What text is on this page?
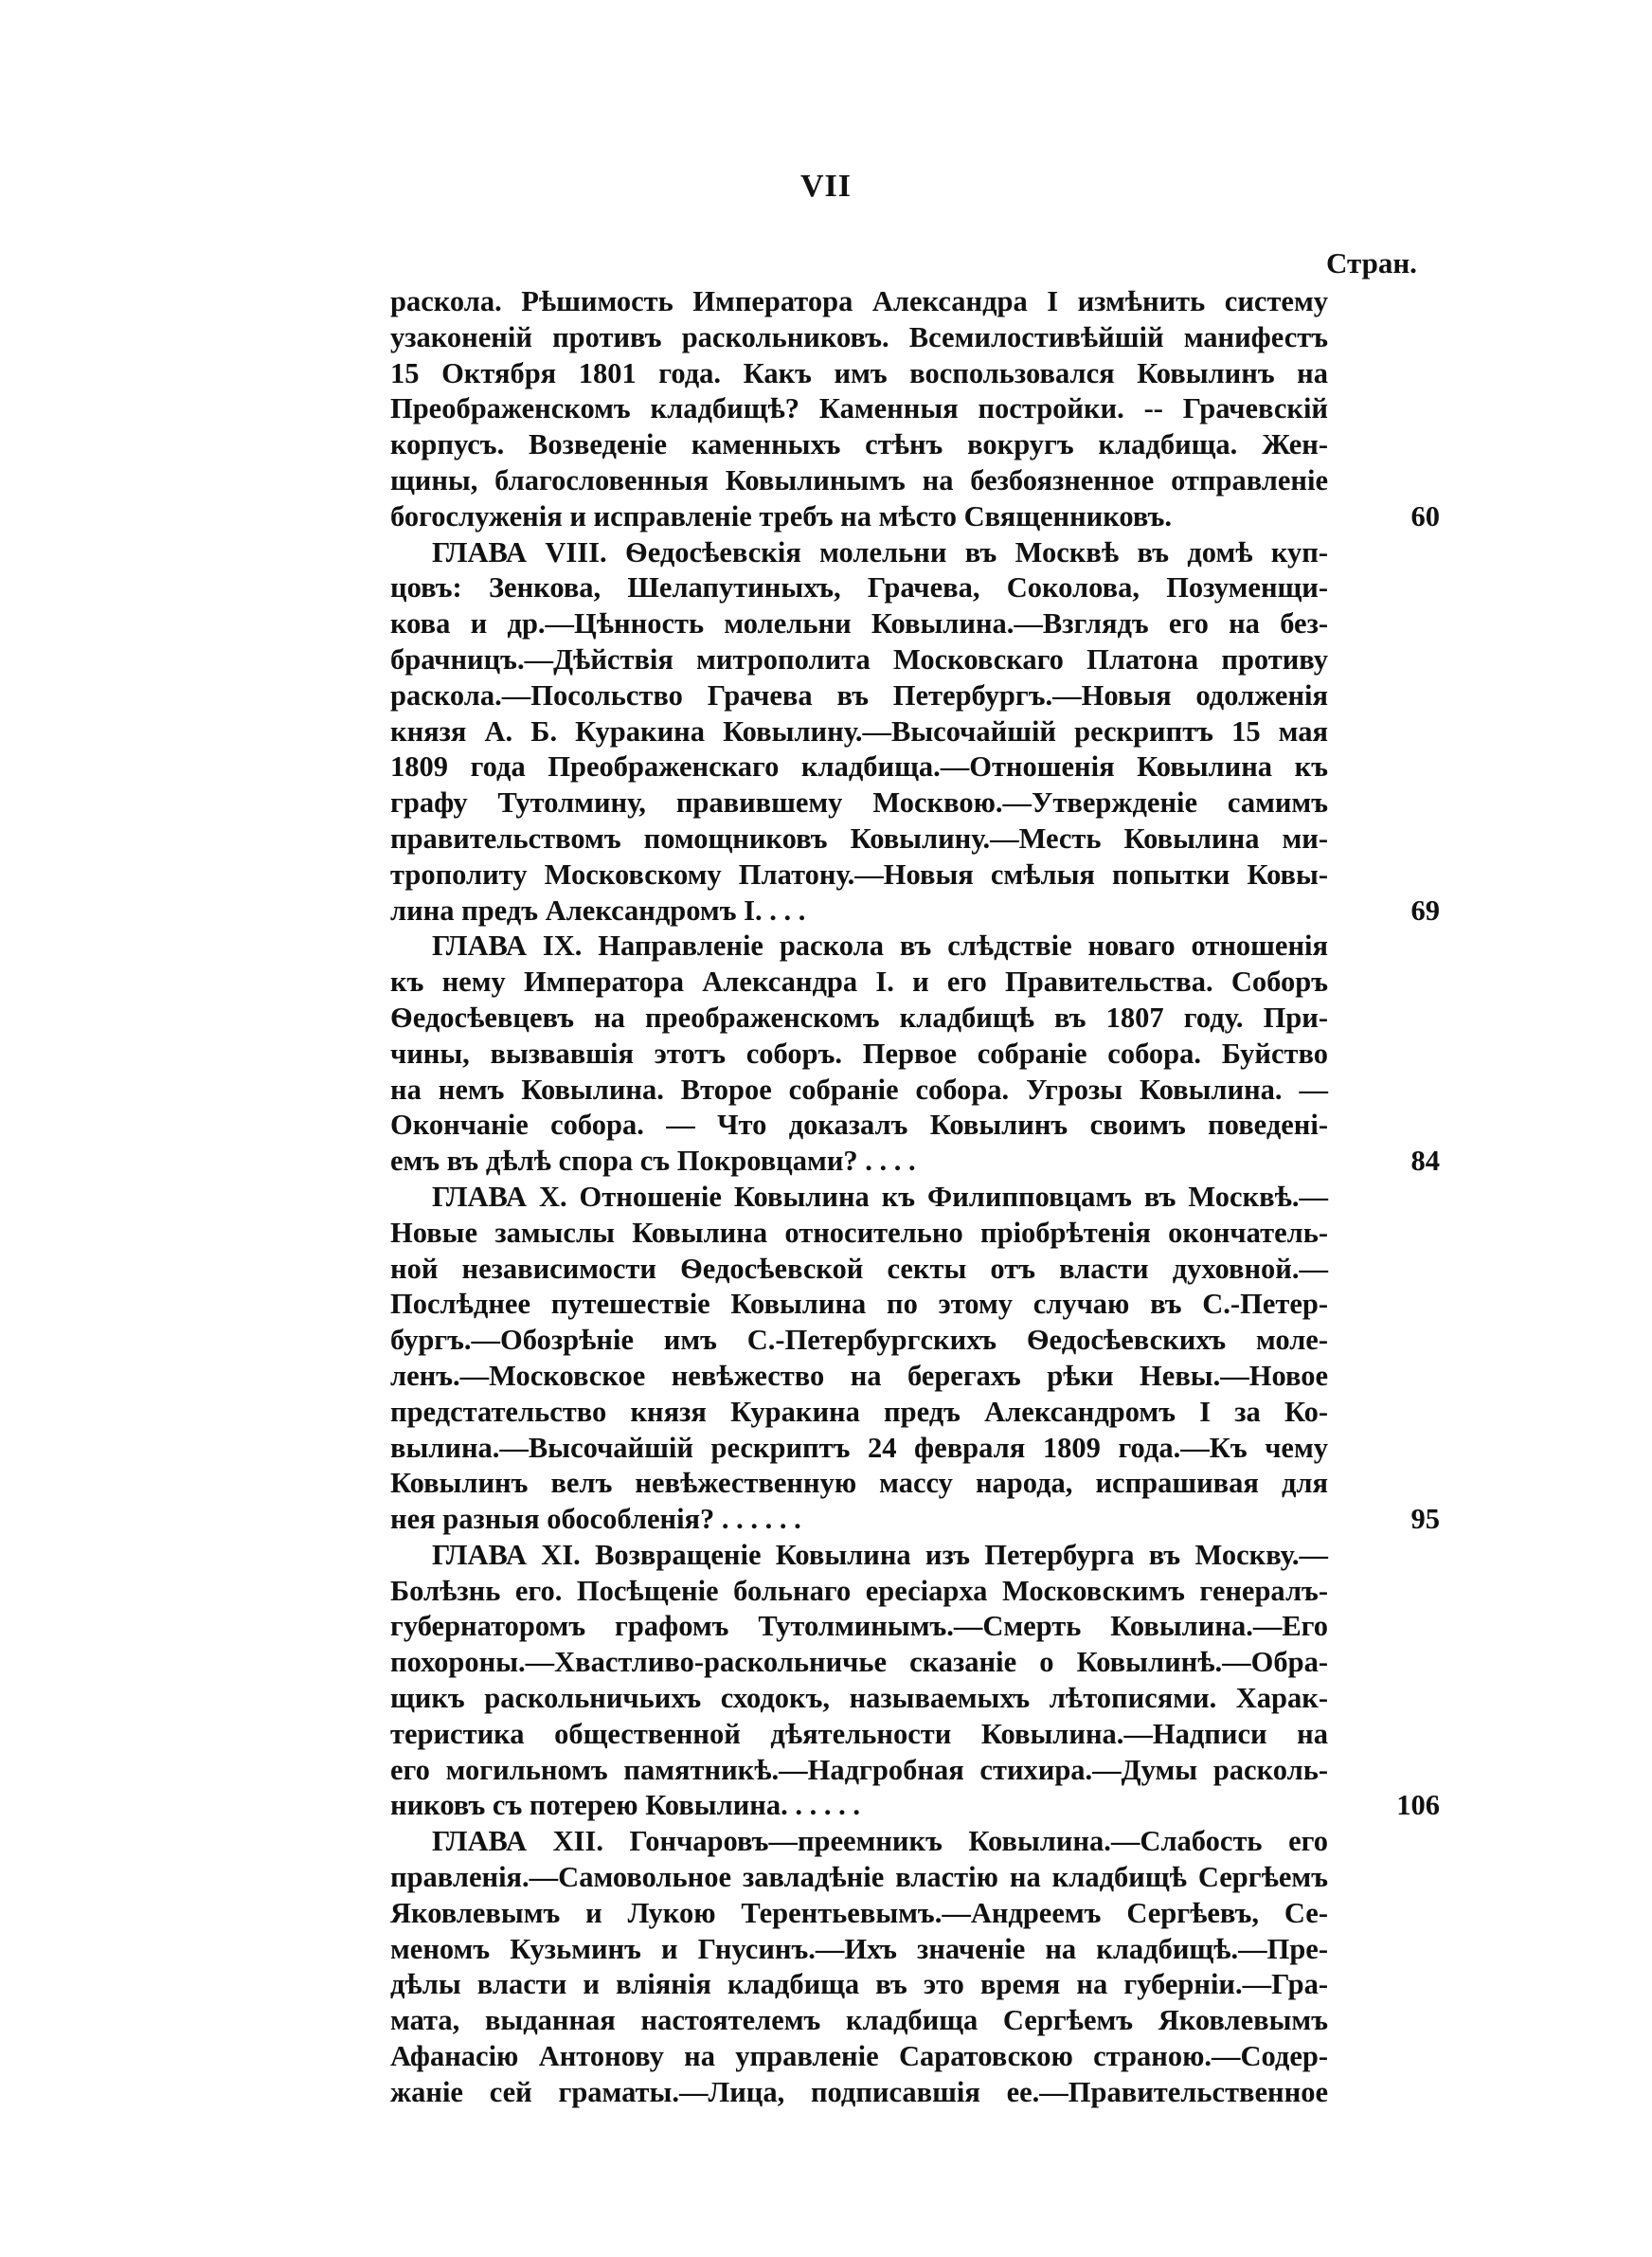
VII
Стран.
раскола. Рѣшимость Императора Александра I измѣнить систему
узаконеній противъ раскольниковъ. Всемилостивѣйшій манифестъ
15 Октября 1801 года. Какъ имъ воспользовался Ковылинъ на
Преображенскомъ кладбищѣ? Каменныя постройки. -- Грачевскій
корпусъ. Возведеніе каменныхъ стѣнъ вокругъ кладбища. Жен-
щины, благословенныя Ковылинымъ на безбоязненное отправленіе
богослуженія и исправленіе требъ на мѣсто Священниковъ.	60
ГЛАВА VIII. Ѳедосѣевскія молельни въ Москвѣ въ домѣ куп-
цовъ: Зенкова, Шелапутиныхъ, Грачева, Соколова, Позуменщи-
кова и др.—Цѣнность молельни Ковылина.—Взглядъ его на без-
брачницъ.—Дѣйствія митрополита Московскаго Платона противу
раскола.—Посольство Грачева въ Петербургъ.—Новыя одолженія
князя А. Б. Куракина Ковылину.—Высочайшій рескриптъ 15 мая
1809 года Преображенскаго кладбища.—Отношенія Ковылина къ
графу Тутолмину, правившему Москвою.—Утвержденіе самимъ
правительствомъ помощниковъ Ковылину.—Месть Ковылина ми-
трополиту Московскому Платону.—Новыя смѣлыя попытки Ковы-
лина предъ Александромъ I. . . .	69
ГЛАВА IX. Направленіе раскола въ слѣдствіе новаго отношенія
къ нему Императора Александра I. и его Правительства. Соборъ
Ѳедосѣевцевъ на преображенскомъ кладбищѣ въ 1807 году. При-
чины, вызвавшія этотъ соборъ. Первое собраніе собора. Буйство
на немъ Ковылина. Второе собраніе собора. Угрозы Ковылина. —
Окончаніе собора. — Что доказалъ Ковылинъ своимъ поведені-
емъ въ дѣлѣ спора съ Покровцами? . . . .	84
ГЛАВА X. Отношеніе Ковылина къ Филипповцамъ въ Москвѣ.—
Новые замыслы Ковылина относительно пріобрѣтенія окончатель-
ной независимости Ѳедосѣевской секты отъ власти духовной.—
Послѣднее путешествіе Ковылина по этому случаю въ С.-Петер-
бургъ.—Обозрѣніе имъ С.-Петербургскихъ Ѳедосѣевскихъ моле-
ленъ.—Московское невѣжество на берегахъ рѣки Невы.—Новое
предстательство князя Куракина предъ Александромъ I за Ко-
вылина.—Высочайшій рескриптъ 24 февраля 1809 года.—Къ чему
Ковылинъ велъ невѣжественную массу народа, испрашивая для
нея разныя обособленія? . . . . . .	95
ГЛАВА XI. Возвращеніе Ковылина изъ Петербурга въ Москву.—
Болѣзнь его. Посѣщеніе больнаго ересіарха Московскимъ генералъ-
губернаторомъ графомъ Тутолминымъ.—Смерть Ковылина.—Его
похороны.—Хвастливо-раскольничье сказаніе о Ковылинѣ.—Обра-
щикъ раскольничьихъ сходокъ, называемыхъ лѣтописями. Харак-
теристика общественной дѣятельности Ковылина.—Надписи на
его могильномъ памятникѣ.—Надгробная стихира.—Думы расколь-
никовъ съ потерею Ковылина. . . . . .	106
ГЛАВА XII. Гончаровъ—преемникъ Ковылина.—Слабость его
правленія.—Самовольное завладѣніе властію на кладбищѣ Сергѣемъ
Яковлевымъ и Лукою Терентьевымъ.—Андреемъ Сергѣевъ, Се-
меномъ Кузьминъ и Гнусинъ.—Ихъ значеніе на кладбищѣ.—Пре-
дѣлы власти и вліянія кладбища въ это время на губерніи.—Гра-
мата, выданная настоятелемъ кладбища Сергѣемъ Яковлевымъ
Афанасію Антонову на управленіе Саратовскою страною.—Содер-
жаніе сей граматы.—Лица, подписавшія ее.—Правительственное
